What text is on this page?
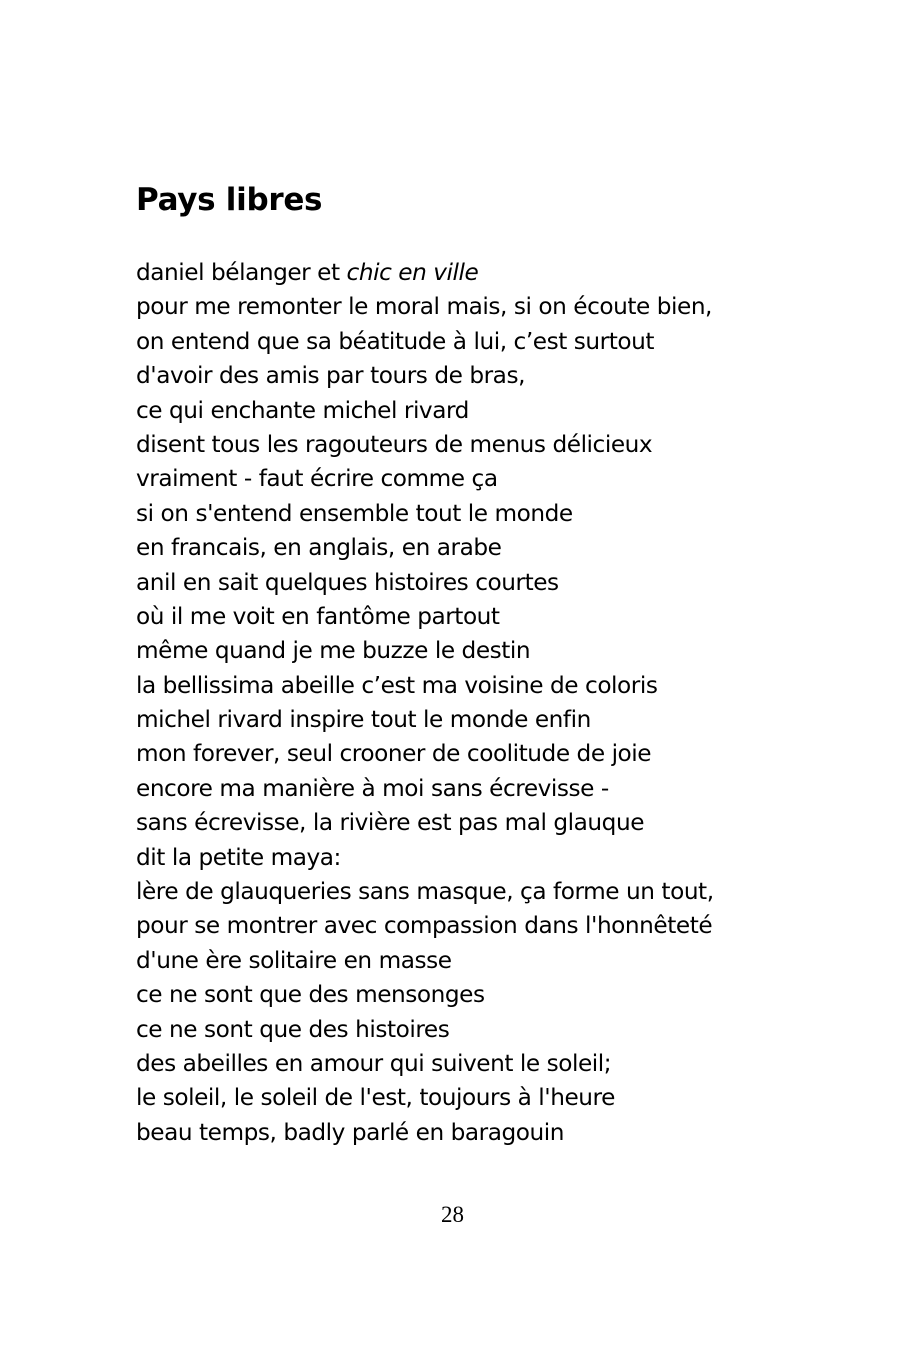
Pays libres
daniel bélanger et chic en ville
pour me remonter le moral mais, si on écoute bien,
on entend que sa béatitude à lui, c’est surtout
d'avoir des amis par tours de bras,
ce qui enchante michel rivard
disent tous les ragouteurs de menus délicieux
vraiment - faut écrire comme ça
si on s'entend ensemble tout le monde
en francais, en anglais, en arabe
anil en sait quelques histoires courtes
où il me voit en fantôme partout
même quand je me buzze le destin
la bellissima abeille c’est ma voisine de coloris
michel rivard inspire tout le monde enfin
mon forever, seul crooner de coolitude de joie
encore ma manière à moi sans écrevisse -
sans écrevisse, la rivière est pas mal glauque
dit la petite maya:
lère de glauqueries sans masque, ça forme un tout,
pour se montrer avec compassion dans l'honnêteté
d'une ère solitaire en masse
ce ne sont que des mensonges
ce ne sont que des histoires
des abeilles en amour qui suivent le soleil;
le soleil, le soleil de l'est, toujours à l'heure
beau temps, badly parlé en baragouin
28
